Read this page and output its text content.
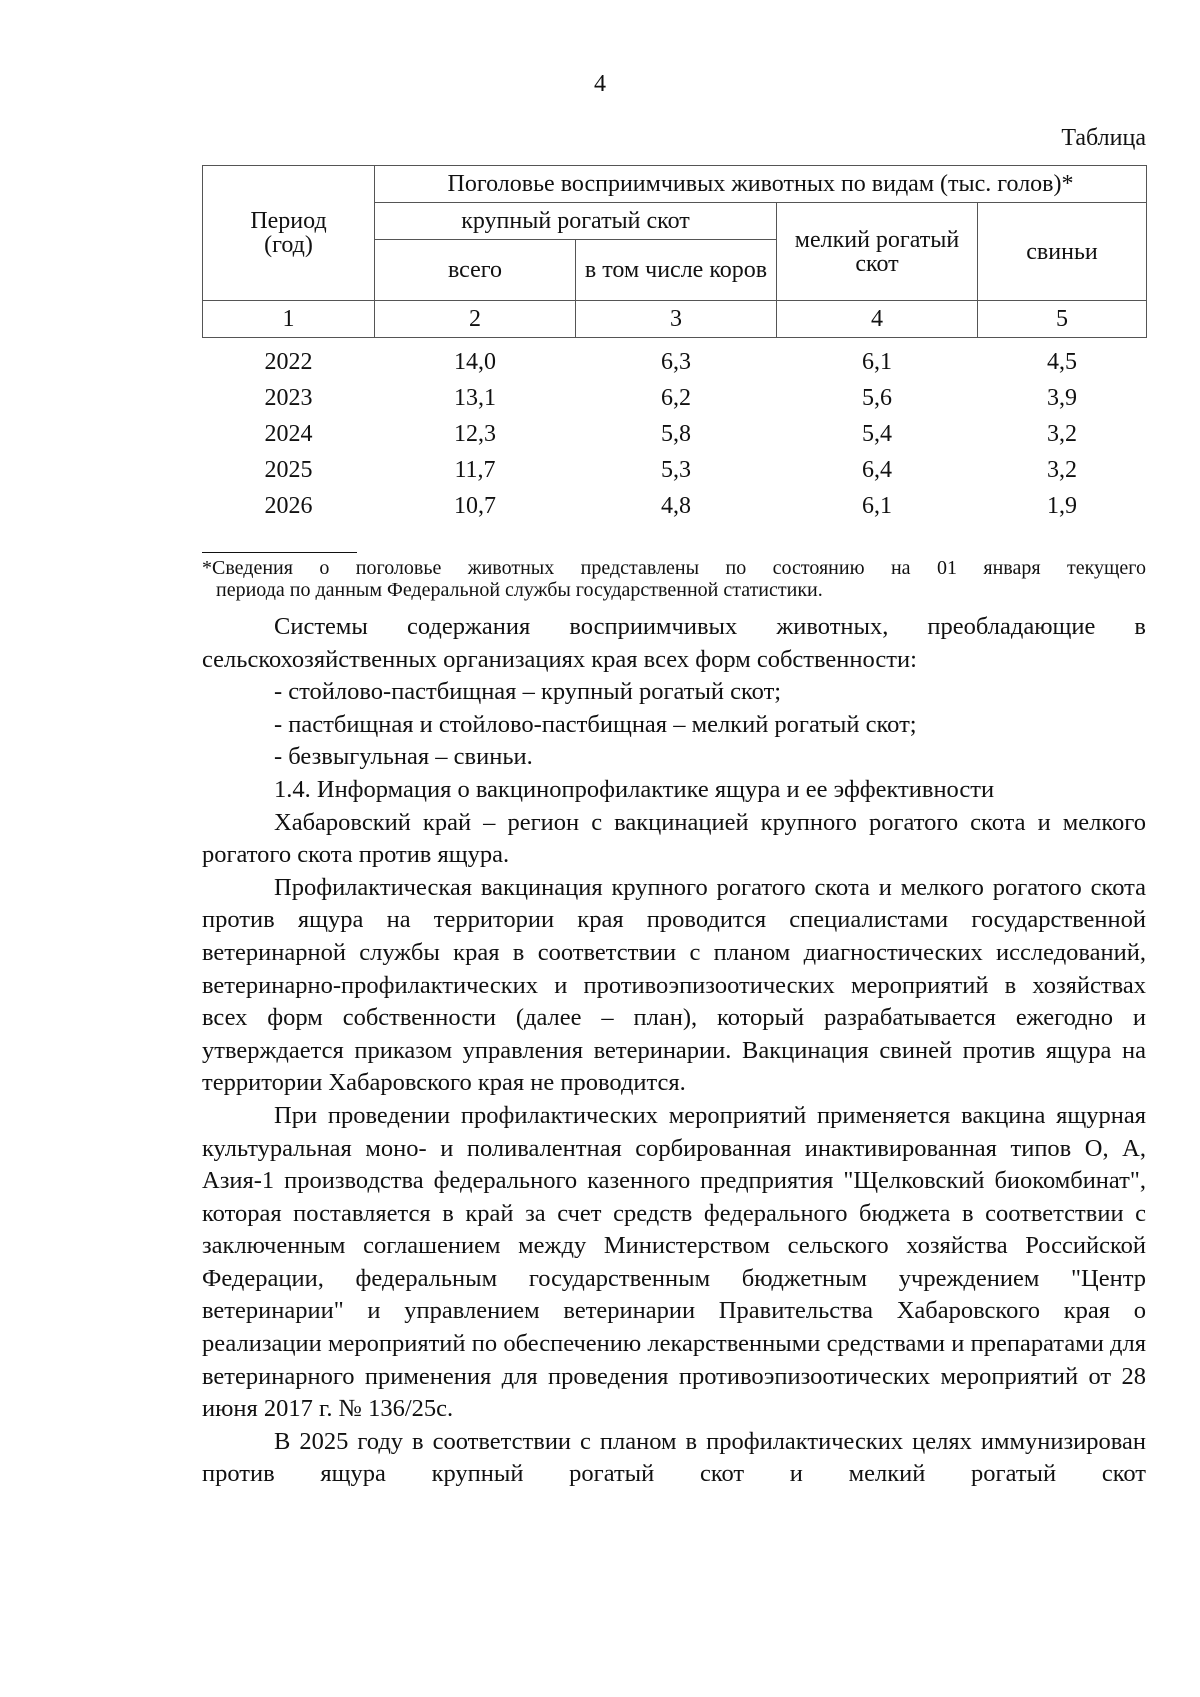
4
Таблица
Период
(год)	Поголовье восприимчивых животных по видам (тыс. голов)*			
	крупный рогатый скот		мелкий рогатый скот	свиньи
	всего	в том числе коров		
1	2	3	4	5
2022	14,0	6,3	6,1	4,5
2023	13,1	6,2	5,6	3,9
2024	12,3	5,8	5,4	3,2
2025	11,7	5,3	6,4	3,2
2026	10,7	4,8	6,1	1,9
*Сведения о поголовье животных представлены по состоянию на 01 января текущего
периода по данным Федеральной службы государственной статистики.

Системы содержания восприимчивых животных, преобладающие в сельскохозяйственных организациях края всех форм собственности:

- стойлово-пастбищная – крупный рогатый скот;

- пастбищная и стойлово-пастбищная – мелкий рогатый скот;

- безвыгульная – свиньи.

1.4. Информация о вакцинопрофилактике ящура и ее эффективности

Хабаровский край – регион с вакцинацией крупного рогатого скота и мелкого рогатого скота против ящура.

Профилактическая вакцинация крупного рогатого скота и мелкого рогатого скота против ящура на территории края проводится специалистами государственной ветеринарной службы края в соответствии с планом диагностических исследований, ветеринарно-профилактических и противоэпизоотических мероприятий в хозяйствах всех форм собственности (далее – план), который разрабатывается ежегодно и утверждается приказом управления ветеринарии. Вакцинация свиней против ящура на территории Хабаровского края не проводится.

При проведении профилактических мероприятий применяется вакцина ящурная культуральная моно- и поливалентная сорбированная инактивированная типов О, А, Азия-1 производства федерального казенного предприятия "Щелковский биокомбинат", которая поставляется в край за счет средств федерального бюджета в соответствии с заключенным соглашением между Министерством сельского хозяйства Российской Федерации, федеральным государственным бюджетным учреждением "Центр ветеринарии" и управлением ветеринарии Правительства Хабаровского края о реализации мероприятий по обеспечению лекарственными средствами и препаратами для ветеринарного применения для проведения противоэпизоотических мероприятий от 28 июня 2017 г. № 136/25с.

В 2025 году в соответствии с планом в профилактических целях иммунизирован против ящура крупный рогатый скот и мелкий рогатый скот
